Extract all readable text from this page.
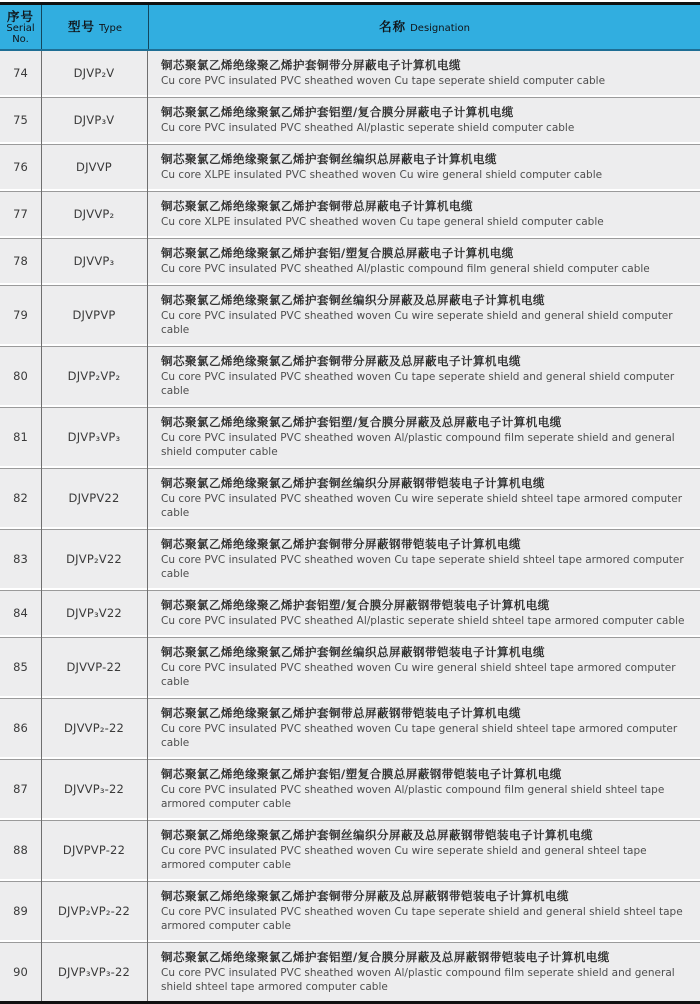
序号
Serial
No.
型号 Type	名称 Designation
74	DJVP₂V
铜芯聚氯乙烯绝缘聚乙烯护套铜带分屏蔽电子计算机电缆
Cu core PVC insulated PVC sheathed woven Cu tape seperate shield computer cable
75	DJVP₃V
铜芯聚氯乙烯绝缘聚氯乙烯护套铝塑/复合膜分屏蔽电子计算机电缆
Cu core PVC insulated PVC sheathed Al/plastic seperate shield computer cable
76	DJVVP
铜芯聚氯乙烯绝缘聚氯乙烯护套铜丝编织总屏蔽电子计算机电缆
Cu core XLPE insulated PVC sheathed woven Cu wire general shield computer cable
77	DJVVP₂
铜芯聚氯乙烯绝缘聚氯乙烯护套铜带总屏蔽电子计算机电缆
Cu core XLPE insulated PVC sheathed woven Cu tape general shield computer cable
78	DJVVP₃
铜芯聚氯乙烯绝缘聚氯乙烯护套铝/塑复合膜总屏蔽电子计算机电缆
Cu core PVC insulated PVC sheathed Al/plastic compound film general shield computer cable
79	DJVPVP
铜芯聚氯乙烯绝缘聚氯乙烯护套铜丝编织分屏蔽及总屏蔽电子计算机电缆
Cu core PVC insulated PVC sheathed woven Cu wire seperate shield and general shield computer cable
80	DJVP₂VP₂
铜芯聚氯乙烯绝缘聚氯乙烯护套铜带分屏蔽及总屏蔽电子计算机电缆
Cu core PVC insulated PVC sheathed woven Cu tape seperate shield and general shield computer cable
81	DJVP₃VP₃
铜芯聚氯乙烯绝缘聚氯乙烯护套铝塑/复合膜分屏蔽及总屏蔽电子计算机电缆
Cu core PVC insulated PVC sheathed woven Al/plastic compound film seperate shield and general shield computer cable
82	DJVPV22
铜芯聚氯乙烯绝缘聚氯乙烯护套铜丝编织分屏蔽钢带铠装电子计算机电缆
Cu core PVC insulated PVC sheathed woven Cu wire seperate shield shteel tape armored computer cable
83	DJVP₂V22
铜芯聚氯乙烯绝缘聚氯乙烯护套铜带分屏蔽钢带铠装电子计算机电缆
Cu core PVC insulated PVC sheathed woven Cu tape seperate shield shteel tape armored computer cable
84	DJVP₃V22
铜芯聚氯乙烯绝缘聚乙烯护套铝塑/复合膜分屏蔽钢带铠装电子计算机电缆
Cu core PVC insulated PVC sheathed Al/plastic seperate shield shteel tape armored computer cable
85	DJVVP-22
铜芯聚氯乙烯绝缘聚氯乙烯护套铜丝编织总屏蔽钢带铠装电子计算机电缆
Cu core PVC insulated PVC sheathed woven Cu wire general shield shteel tape armored computer cable
86	DJVVP₂-22
铜芯聚氯乙烯绝缘聚氯乙烯护套铜带总屏蔽钢带铠装电子计算机电缆
Cu core PVC insulated PVC sheathed woven Cu tape general shield shteel tape armored computer cable
87	DJVVP₃-22
铜芯聚氯乙烯绝缘聚氯乙烯护套铝/塑复合膜总屏蔽钢带铠装电子计算机电缆
Cu core PVC insulated PVC sheathed woven Al/plastic compound film general shield shteel tape armored computer cable
88	DJVPVP-22
铜芯聚氯乙烯绝缘聚氯乙烯护套铜丝编织分屏蔽及总屏蔽钢带铠装电子计算机电缆
Cu core PVC insulated PVC sheathed woven Cu wire seperate shield and general shteel tape armored computer cable
89	DJVP₂VP₂-22
铜芯聚氯乙烯绝缘聚氯乙烯护套铜带分屏蔽及总屏蔽钢带铠装电子计算机电缆
Cu core PVC insulated PVC sheathed woven Cu tape seperate shield and general shield shteel tape armored computer cable
90	DJVP₃VP₃-22
铜芯聚氯乙烯绝缘聚氯乙烯护套铝塑/复合膜分屏蔽及总屏蔽钢带铠装电子计算机电缆
Cu core PVC insulated PVC sheathed woven Al/plastic compound film seperate shield and general shield shteel tape armored computer cable
